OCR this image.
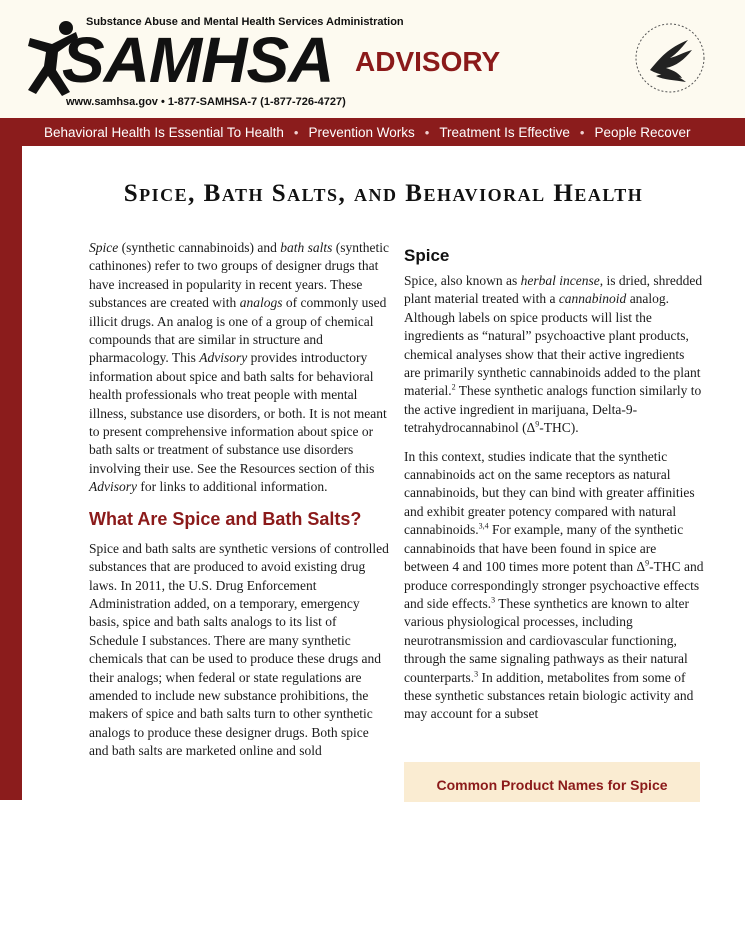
Substance Abuse and Mental Health Services Administration
SAMHSA ADVISORY
www.samhsa.gov • 1-877-SAMHSA-7 (1-877-726-4727)
Behavioral Health Is Essential To Health • Prevention Works • Treatment Is Effective • People Recover
e 13•Issue 2
Spice, Bath Salts, and Behavioral Health

Spice (synthetic cannabinoids) and bath salts (synthetic cathinones) refer to two groups of designer drugs that have increased in popularity in recent years. These substances are created with analogs of commonly used illicit drugs. An analog is one of a group of chemical compounds that are similar in structure and pharmacology. This Advisory provides introductory information about spice and bath salts for behavioral health professionals who treat people with mental illness, substance use disorders, or both. It is not meant to present comprehensive information about spice or bath salts or treatment of substance use disorders involving their use. See the Resources section of this Advisory for links to additional information.

What Are Spice and Bath Salts?

Spice and bath salts are synthetic versions of controlled substances that are produced to avoid existing drug laws. In 2011, the U.S. Drug Enforcement Administration added, on a temporary, emergency basis, spice and bath salts analogs to its list of Schedule I substances. There are many synthetic chemicals that can be used to produce these drugs and their analogs; when federal or state regulations are amended to include new substance prohibitions, the makers of spice and bath salts turn to other synthetic analogs to produce these designer drugs. Both spice and bath salts are marketed online and sold

Spice

Spice, also known as herbal incense, is dried, shredded plant material treated with a cannabinoid analog. Although labels on spice products will list the ingredients as “natural” psychoactive plant products, chemical analyses show that their active ingredients are primarily synthetic cannabinoids added to the plant material.$^2$ These synthetic analogs function similarly to the active ingredient in marijuana, Delta-9-tetrahydrocannabinol $(\Delta^9-THC)$.

In this context, studies indicate that the synthetic cannabinoids act on the same receptors as natural cannabinoids, but they can bind with greater affinities and exhibit greater potency compared with natural cannabinoids.$^{3,4}$ For example, many of the synthetic cannabinoids that have been found in spice are between 4 and 100 times more potent than $\Delta^9$-THC and produce correspondingly stronger psychoactive effects and side effects.$^3$ These synthetics are known to alter various physiological processes, including neurotransmission and cardiovascular functioning, through the same signaling pathways as their natural counterparts.$^3$ In addition, metabolites from some of these synthetic substances retain biologic activity and may account for a subset

Common Product Names for Spice
